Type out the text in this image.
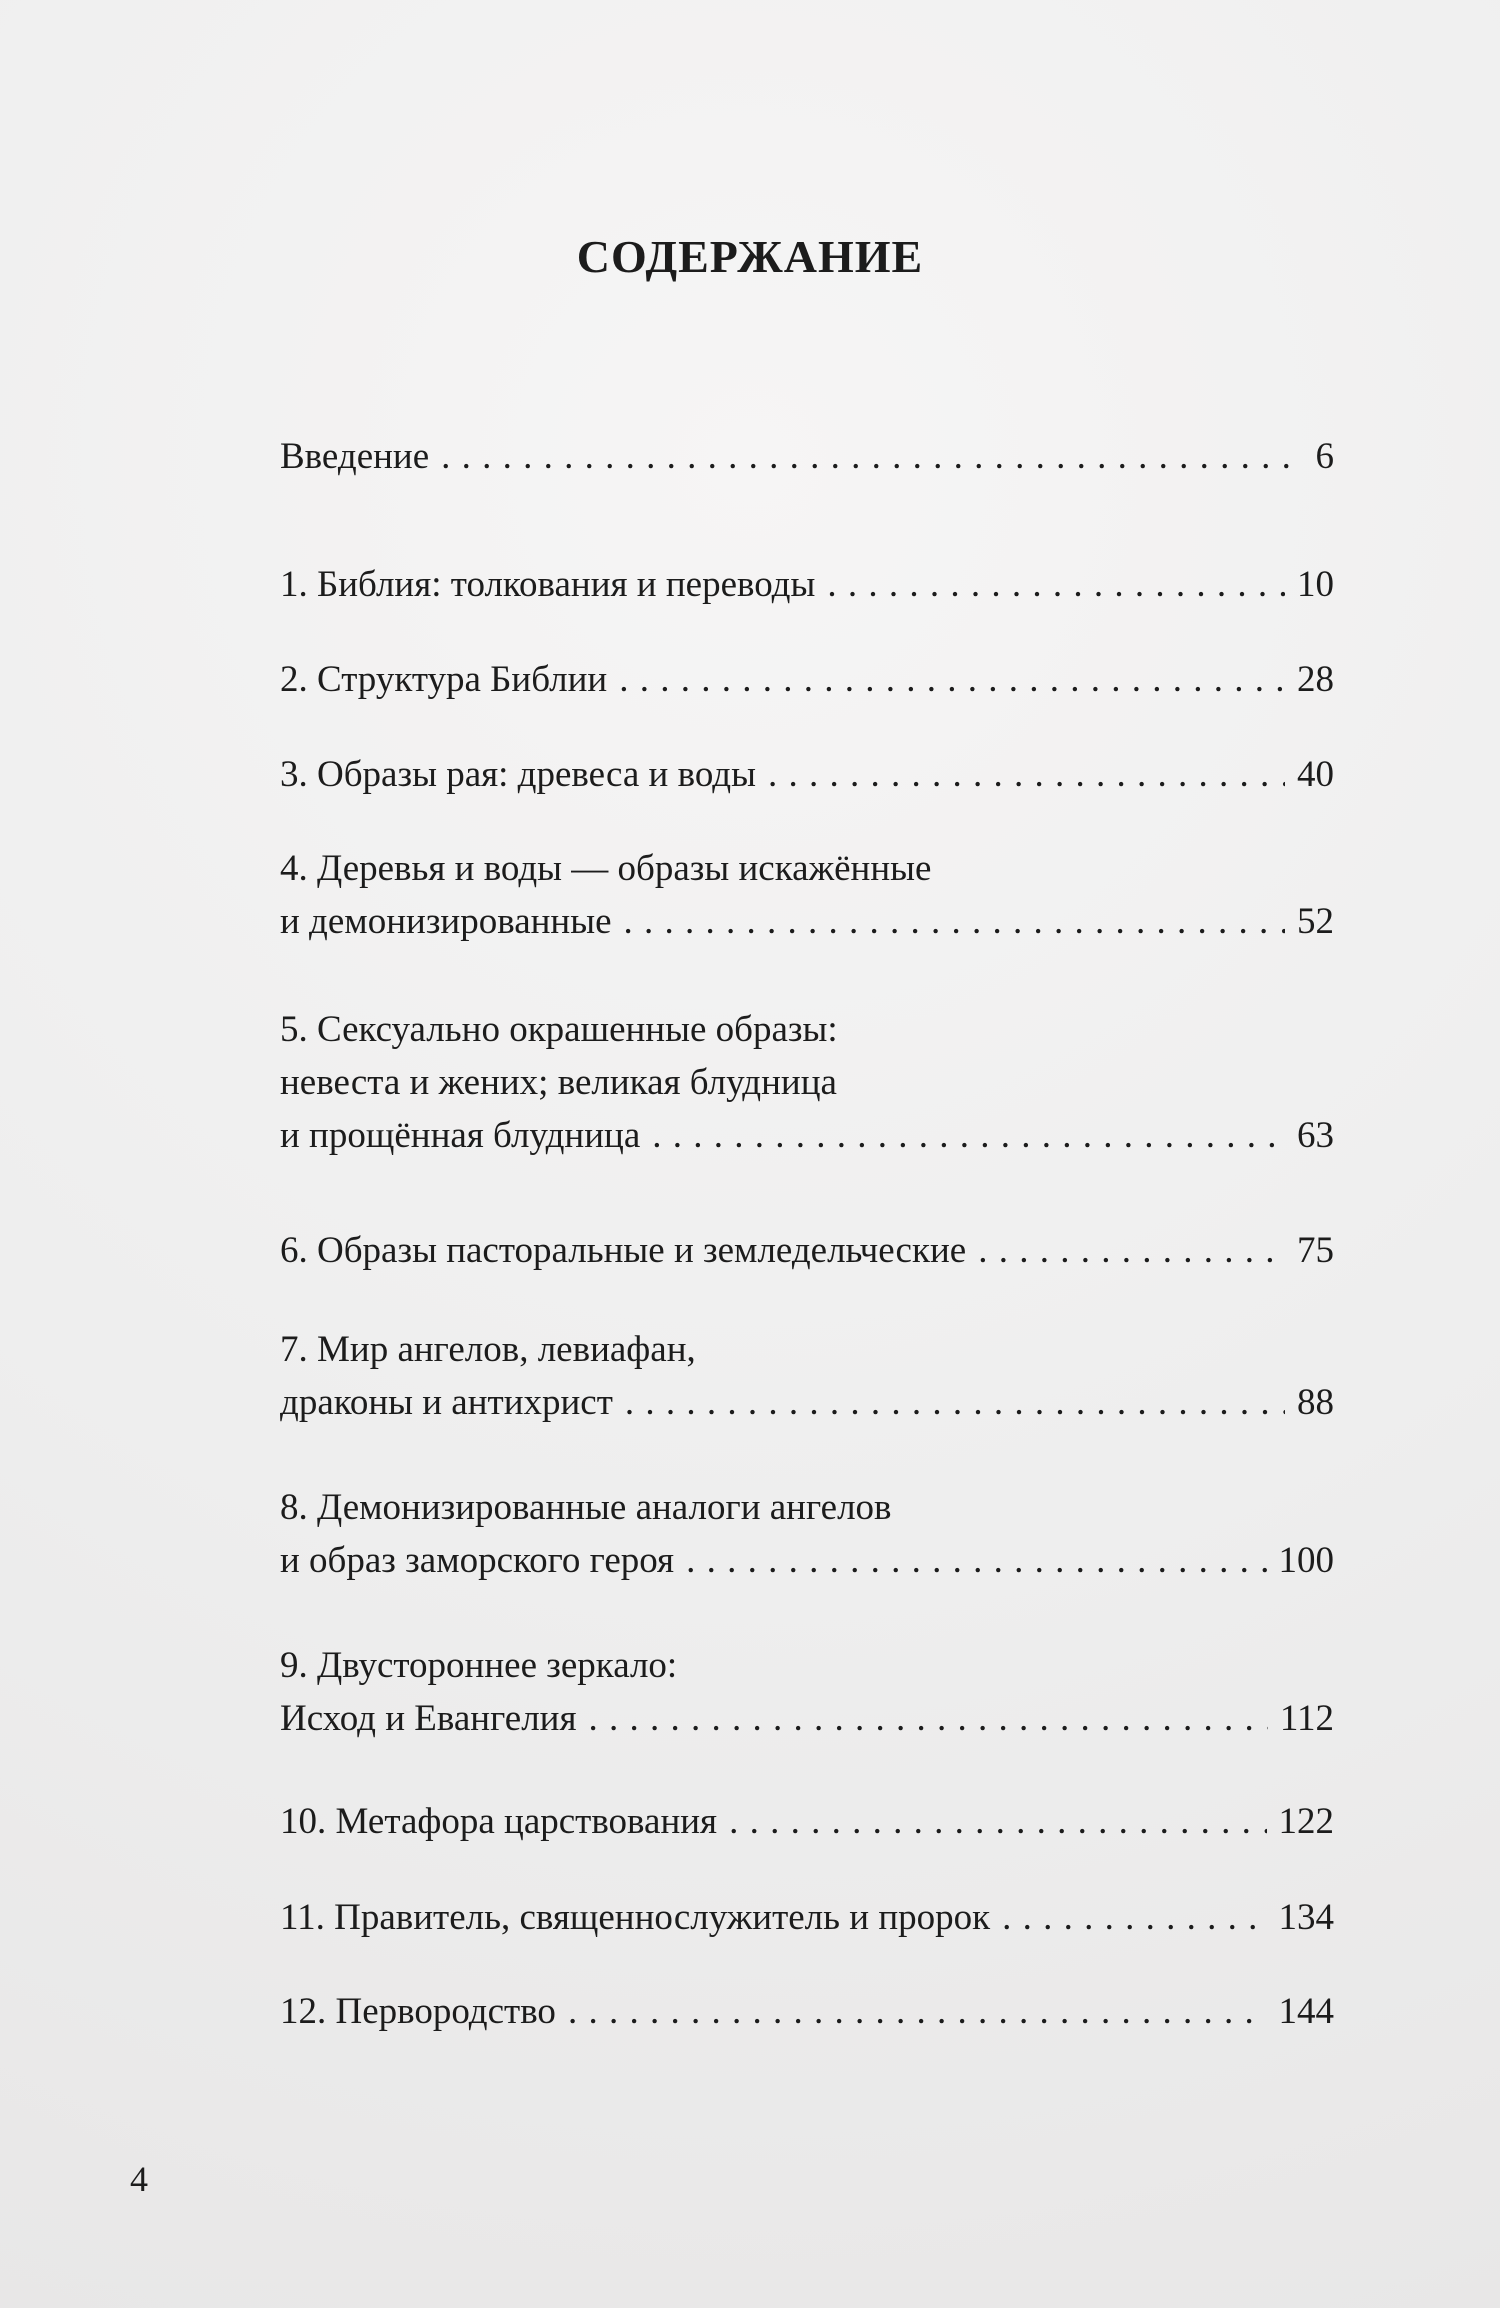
СОДЕРЖАНИЕ
Введение . . .	6
1. Библия: толкования и переводы . . .	10
2. Структура Библии . . .	28
3. Образы рая: древеса и воды . . .	40
4. Деревья и воды — образы искажённые
и демонизированные . . .	52
5. Сексуально окрашенные образы:
невеста и жених; великая блудница
и прощённая блудница . . .	63
6. Образы пасторальные и земледельческие . . .	75
7. Мир ангелов, левиафан,
драконы и антихрист . . .	88
8. Демонизированные аналоги ангелов
и образ заморского героя . . .	100
9. Двустороннее зеркало:
Исход и Евангелия . . .	112
10. Метафора царствования . . .	122
11. Правитель, священнослужитель и пророк . . .	134
12. Первородство . . .	144
4
